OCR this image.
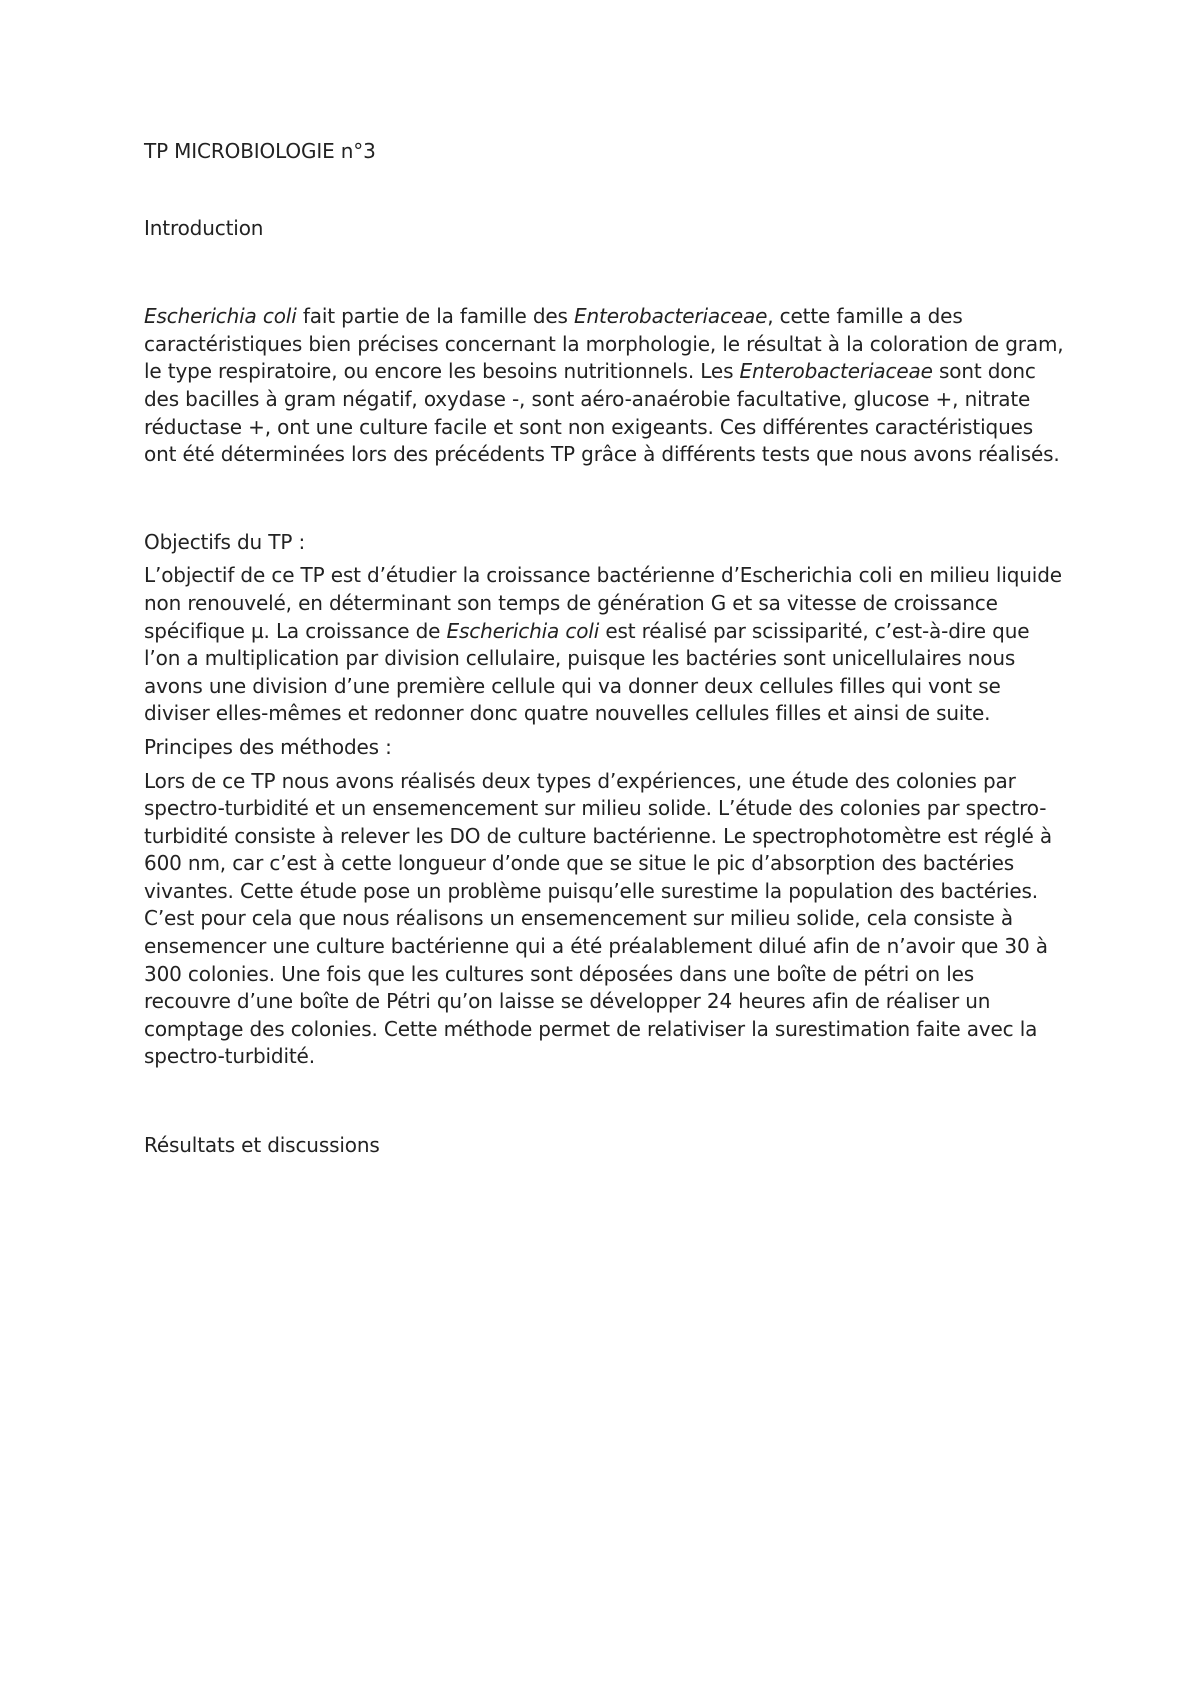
TP MICROBIOLOGIE n°3
Introduction

Escherichia coli fait partie de la famille des Enterobacteriaceae, cette famille a des caractéristiques bien précises concernant la morphologie, le résultat à la coloration de gram, le type respiratoire, ou encore les besoins nutritionnels. Les Enterobacteriaceae sont donc des bacilles à gram négatif, oxydase -, sont aéro-anaérobie facultative, glucose +, nitrate réductase +, ont une culture facile et sont non exigeants. Ces différentes caractéristiques ont été déterminées lors des précédents TP grâce à différents tests que nous avons réalisés.

Objectifs du TP :

L’objectif de ce TP est d’étudier la croissance bactérienne d’Escherichia coli en milieu liquide non renouvelé, en déterminant son temps de génération G et sa vitesse de croissance spécifique µ. La croissance de Escherichia coli est réalisé par scissiparité, c’est-à-dire que l’on a multiplication par division cellulaire, puisque les bactéries sont unicellulaires nous avons une division d’une première cellule qui va donner deux cellules filles qui vont se diviser elles-mêmes et redonner donc quatre nouvelles cellules filles et ainsi de suite.

Principes des méthodes :

Lors de ce TP nous avons réalisés deux types d’expériences, une étude des colonies par spectro-turbidité et un ensemencement sur milieu solide. L’étude des colonies par spectro-turbidité consiste à relever les DO de culture bactérienne. Le spectrophotomètre est réglé à 600 nm, car c’est à cette longueur d’onde que se situe le pic d’absorption des bactéries vivantes. Cette étude pose un problème puisqu’elle surestime la population des bactéries. C’est pour cela que nous réalisons un ensemencement sur milieu solide, cela consiste à ensemencer une culture bactérienne qui a été préalablement dilué afin de n’avoir que 30 à 300 colonies. Une fois que les cultures sont déposées dans une boîte de pétri on les recouvre d’une boîte de Pétri qu’on laisse se développer 24 heures afin de réaliser un comptage des colonies. Cette méthode permet de relativiser la surestimation faite avec la spectro-turbidité.

Résultats et discussions
